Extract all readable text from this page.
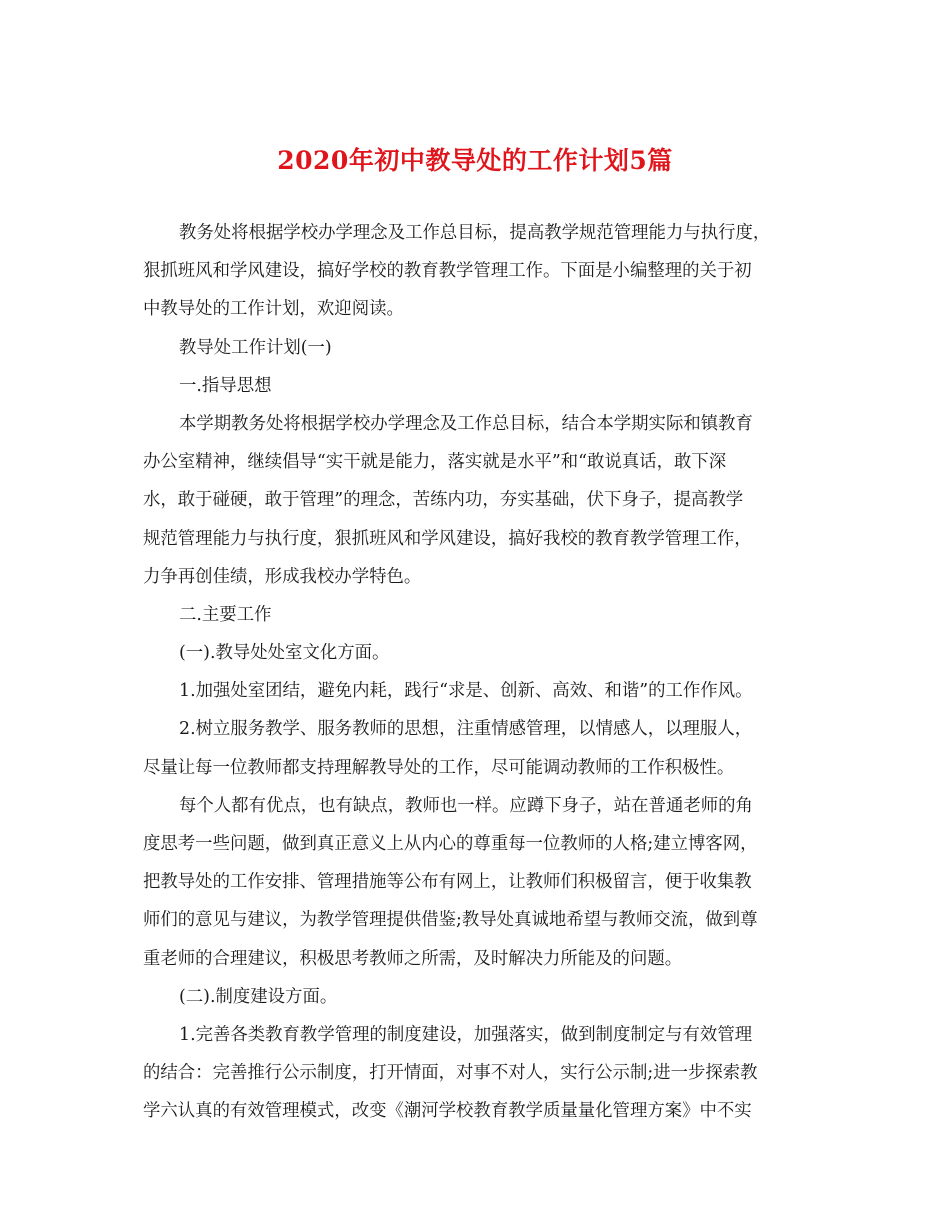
2020年初中教导处的工作计划5篇
教务处将根据学校办学理念及工作总目标，提高教学规范管理能力与执行度，
狠抓班风和学风建设，搞好学校的教育教学管理工作。下面是小编整理的关于初
中教导处的工作计划，欢迎阅读。
教导处工作计划(一)
一.指导思想
本学期教务处将根据学校办学理念及工作总目标，结合本学期实际和镇教育
办公室精神，继续倡导“实干就是能力，落实就是水平”和“敢说真话，敢下深
水，敢于碰硬，敢于管理”的理念，苦练内功，夯实基础，伏下身子，提高教学
规范管理能力与执行度，狠抓班风和学风建设，搞好我校的教育教学管理工作，
力争再创佳绩，形成我校办学特色。
二.主要工作
(一).教导处处室文化方面。
1.加强处室团结，避免内耗，践行“求是、创新、高效、和谐”的工作作风。
2.树立服务教学、服务教师的思想，注重情感管理，以情感人，以理服人，
尽量让每一位教师都支持理解教导处的工作，尽可能调动教师的工作积极性。
每个人都有优点，也有缺点，教师也一样。应蹲下身子，站在普通老师的角
度思考一些问题，做到真正意义上从内心的尊重每一位教师的人格;建立博客网，
把教导处的工作安排、管理措施等公布有网上，让教师们积极留言，便于收集教
师们的意见与建议，为教学管理提供借鉴;教导处真诚地希望与教师交流，做到尊
重老师的合理建议，积极思考教师之所需，及时解决力所能及的问题。
(二).制度建设方面。
1.完善各类教育教学管理的制度建设，加强落实，做到制度制定与有效管理
的结合：完善推行公示制度，打开情面，对事不对人，实行公示制;进一步探索教
学六认真的有效管理模式，改变《潮河学校教育教学质量量化管理方案》中不实
